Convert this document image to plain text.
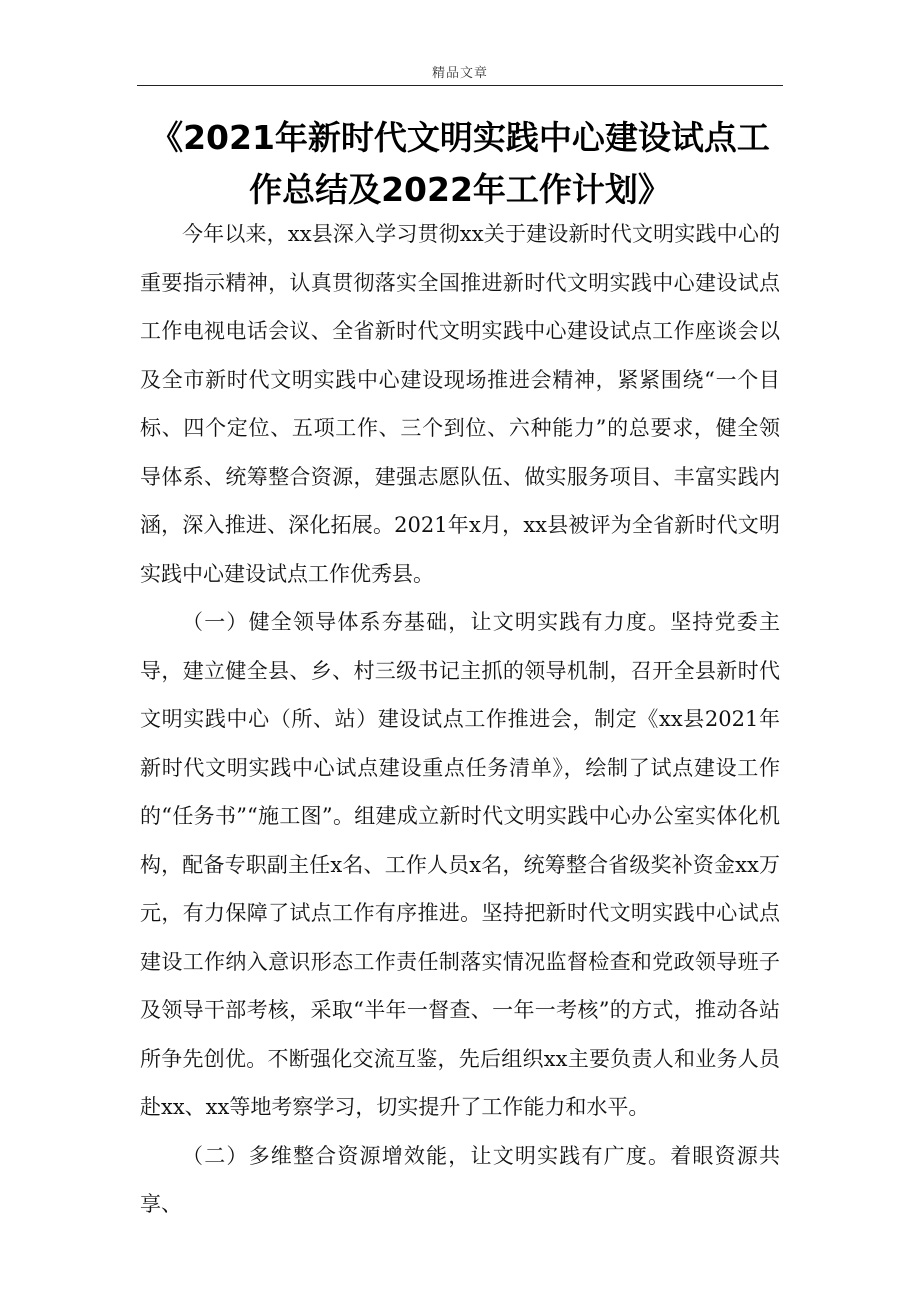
精品文章
《2021年新时代文明实践中心建设试点工作总结及2022年工作计划》

今年以来，xx县深入学习贯彻xx关于建设新时代文明实践中心的重要指示精神，认真贯彻落实全国推进新时代文明实践中心建设试点工作电视电话会议、全省新时代文明实践中心建设试点工作座谈会以及全市新时代文明实践中心建设现场推进会精神，紧紧围绕“一个目标、四个定位、五项工作、三个到位、六种能力”的总要求，健全领导体系、统筹整合资源，建强志愿队伍、做实服务项目、丰富实践内涵，深入推进、深化拓展。2021年x月，xx县被评为全省新时代文明实践中心建设试点工作优秀县。

（一）健全领导体系夯基础，让文明实践有力度。坚持党委主导，建立健全县、乡、村三级书记主抓的领导机制，召开全县新时代文明实践中心（所、站）建设试点工作推进会，制定《xx县2021年新时代文明实践中心试点建设重点任务清单》，绘制了试点建设工作的“任务书”“施工图”。组建成立新时代文明实践中心办公室实体化机构，配备专职副主任x名、工作人员x名，统筹整合省级奖补资金xx万元，有力保障了试点工作有序推进。坚持把新时代文明实践中心试点建设工作纳入意识形态工作责任制落实情况监督检查和党政领导班子及领导干部考核，采取“半年一督查、一年一考核”的方式，推动各站所争先创优。不断强化交流互鉴，先后组织xx主要负责人和业务人员赴xx、xx等地考察学习，切实提升了工作能力和水平。

（二）多维整合资源增效能，让文明实践有广度。着眼资源共享、
